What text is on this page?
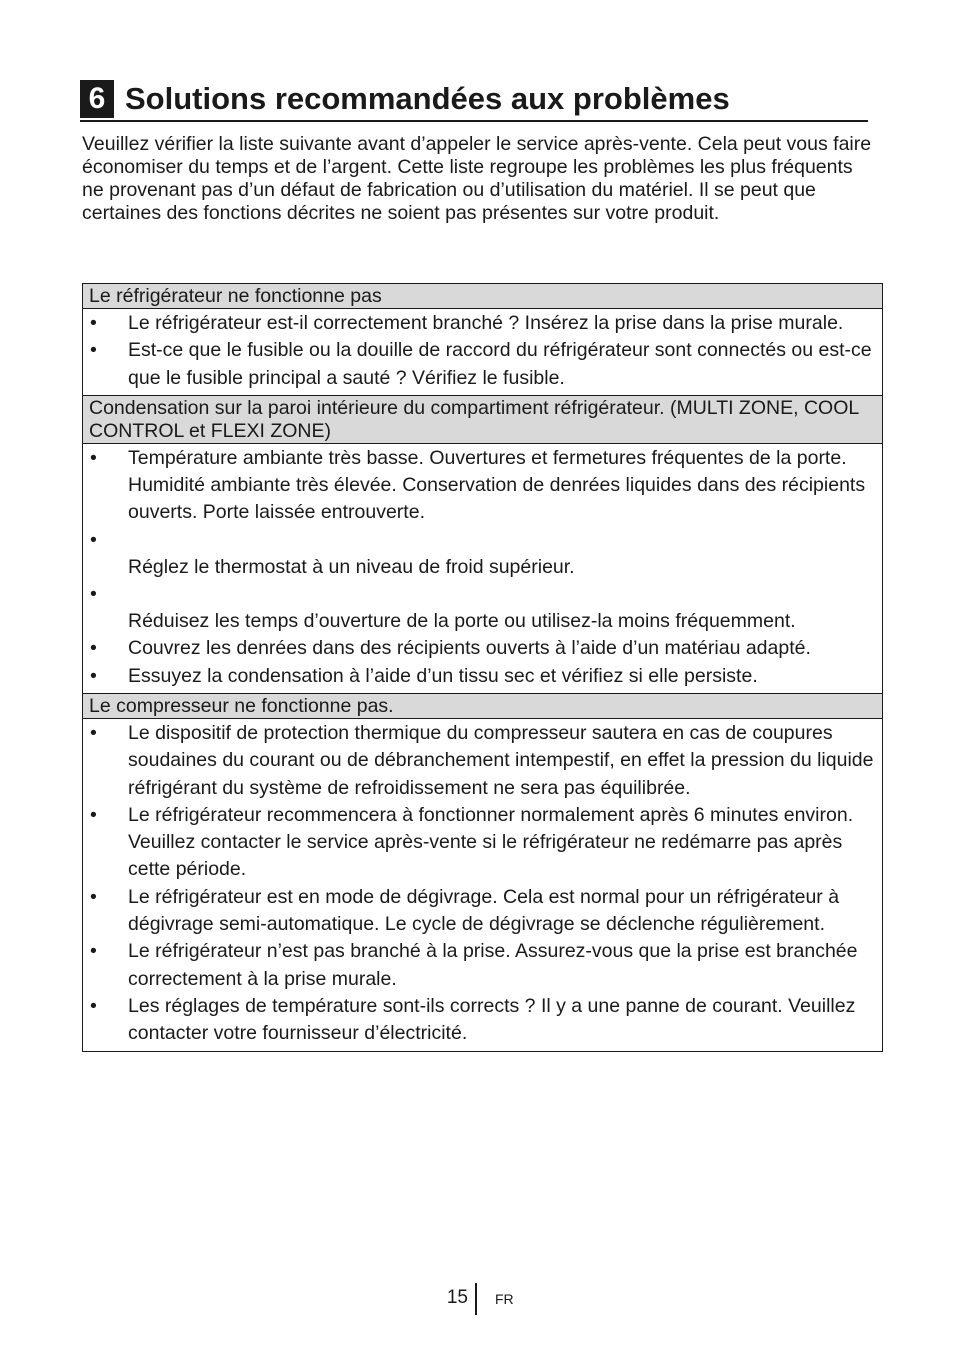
6 Solutions recommandées aux problèmes

Veuillez vérifier la liste suivante avant d’appeler le service après-vente. Cela peut vous faire économiser du temps et de l’argent. Cette liste regroupe les problèmes les plus fréquents ne provenant pas d’un défaut de fabrication ou d’utilisation du matériel. Il se peut que certaines des fonctions décrites ne soient pas présentes sur votre produit.

Le réfrigérateur ne fonctionne pas
•	Le réfrigérateur est-il correctement branché ? Insérez la prise dans la prise murale.
•	Est-ce que le fusible ou la douille de raccord du réfrigérateur sont connectés ou est-ce que le fusible principal a sauté ? Vérifiez le fusible.
Condensation sur la paroi intérieure du compartiment réfrigérateur. (MULTI ZONE, COOL CONTROL et FLEXI ZONE)
•	Température ambiante très basse. Ouvertures et fermetures fréquentes de la porte. Humidité ambiante très élevée. Conservation de denrées liquides dans des récipients ouverts. Porte laissée entrouverte.
•
Réglez le thermostat à un niveau de froid supérieur.
•
Réduisez les temps d’ouverture de la porte ou utilisez-la moins fréquemment.
•	Couvrez les denrées dans des récipients ouverts à l’aide d’un matériau adapté.
•	Essuyez la condensation à l’aide d’un tissu sec et vérifiez si elle persiste.
Le compresseur ne fonctionne pas.
•	Le dispositif de protection thermique du compresseur sautera en cas de coupures soudaines du courant ou de débranchement intempestif, en effet la pression du liquide réfrigérant du système de refroidissement ne sera pas équilibrée.
•	Le réfrigérateur recommencera à fonctionner normalement après 6 minutes environ. Veuillez contacter le service après-vente si le réfrigérateur ne redémarre pas après cette période.
•	Le réfrigérateur est en mode de dégivrage. Cela est normal pour un réfrigérateur à dégivrage semi-automatique. Le cycle de dégivrage se déclenche régulièrement.
•	Le réfrigérateur n’est pas branché à la prise. Assurez-vous que la prise est branchée correctement à la prise murale.
•	Les réglages de température sont-ils corrects ? Il y a une panne de courant. Veuillez contacter votre fournisseur d’électricité.
15 FR
